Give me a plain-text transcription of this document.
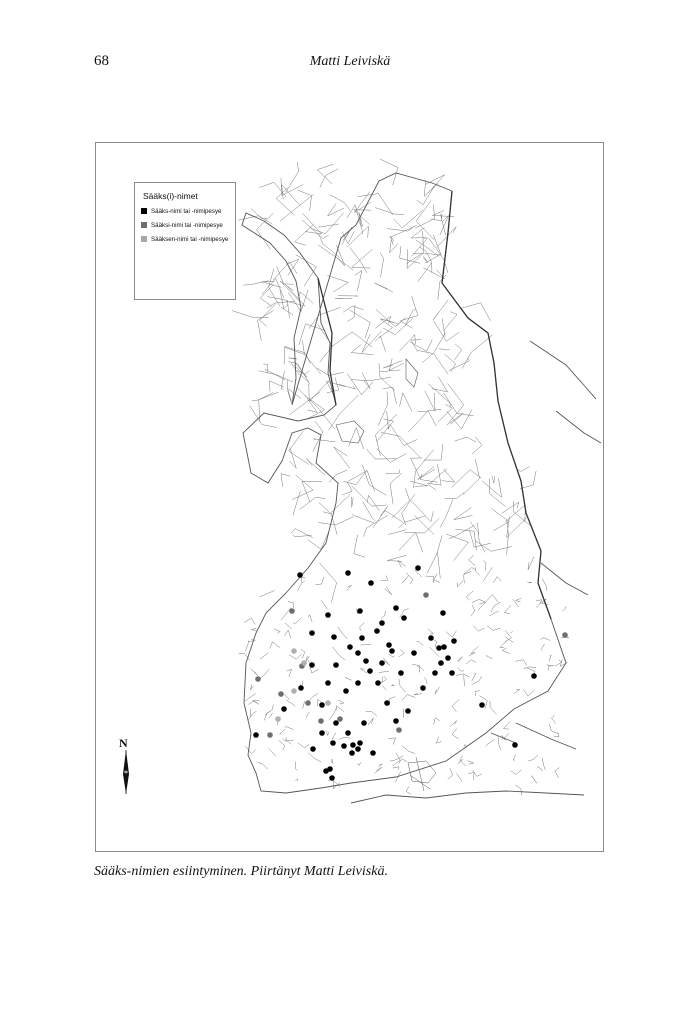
68	Matti Leiviskä
Sääks(i)-nimet
Sääks-nimi tai -nimipesye
Sääksi-nimi tai -nimipesye
Sääksen-nimi tai -nimipesye
N
Sääks-nimien esiintyminen. Piirtänyt Matti Leiviskä.
